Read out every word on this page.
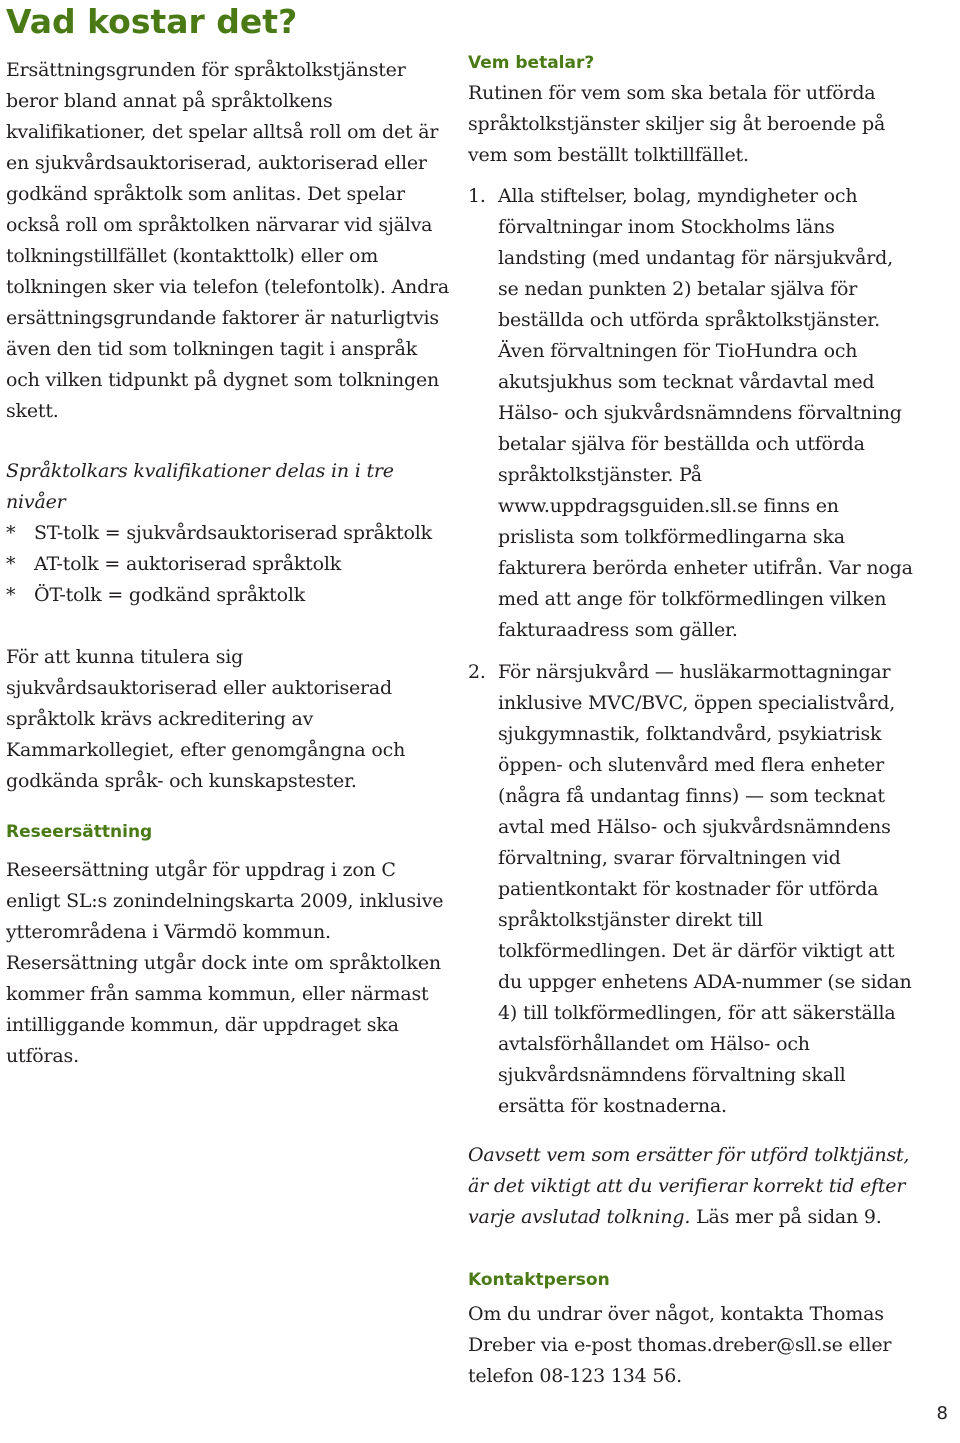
Vad kostar det?

Ersättningsgrunden för språktolkstjänster beror bland annat på språktolkens kvalifikationer, det spelar alltså roll om det är en sjukvårdsauktoriserad, auktoriserad eller godkänd språktolk som anlitas. Det spelar också roll om språktolken närvarar vid själva tolkningstillfället (kontakttolk) eller om tolkningen sker via telefon (telefontolk). Andra ersättningsgrundande faktorer är naturligtvis även den tid som tolkningen tagit i anspråk och vilken tidpunkt på dygnet som tolkningen skett.

Språktolkars kvalifikationer delas in i tre nivåer

* ST-tolk = sjukvårdsauktoriserad språktolk
* AT-tolk = auktoriserad språktolk
* ÖT-tolk = godkänd språktolk

För att kunna titulera sig sjukvårdsauktoriserad eller auktoriserad språktolk krävs ackreditering av Kammarkollegiet, efter genomgångna och godkända språk- och kunskapstester.

Reseersättning

Reseersättning utgår för uppdrag i zon C enligt SL:s zonindelningskarta 2009, inklusive ytterområdena i Värmdö kommun. Resersättning utgår dock inte om språktolken kommer från samma kommun, eller närmast intilliggande kommun, där uppdraget ska utföras.

Vem betalar?

Rutinen för vem som ska betala för utförda språktolkstjänster skiljer sig åt beroende på vem som beställt tolktillfället.

1. Alla stiftelser, bolag, myndigheter och förvaltningar inom Stockholms läns landsting (med undantag för närsjukvård, se nedan punkten 2) betalar själva för beställda och utförda språktolkstjänster. Även förvaltningen för TioHundra och akutsjukhus som tecknat vårdavtal med Hälso- och sjukvårdsnämndens förvaltning betalar själva för beställda och utförda språktolkstjänster. På www.uppdragsguiden.sll.se finns en prislista som tolkförmedlingarna ska fakturera berörda enheter utifrån. Var noga med att ange för tolkförmedlingen vilken fakturaadress som gäller.
2. För närsjukvård — husläkarmottagningar inklusive MVC/BVC, öppen specialistvård, sjukgymnastik, folktandvård, psykiatrisk öppen- och slutenvård med flera enheter (några få undantag finns) — som tecknat avtal med Hälso- och sjukvårdsnämndens förvaltning, svarar förvaltningen vid patientkontakt för kostnader för utförda språktolkstjänster direkt till tolkförmedlingen. Det är därför viktigt att du uppger enhetens ADA-nummer (se sidan 4) till tolkförmedlingen, för att säkerställa avtalsförhållandet om Hälso- och sjukvårdsnämndens förvaltning skall ersätta för kostnaderna.

Oavsett vem som ersätter för utförd tolktjänst, är det viktigt att du verifierar korrekt tid efter varje avslutad tolkning. Läs mer på sidan 9.

Kontaktperson

Om du undrar över något, kontakta Thomas Dreber via e-post thomas.dreber@sll.se eller telefon 08-123 134 56.

8
